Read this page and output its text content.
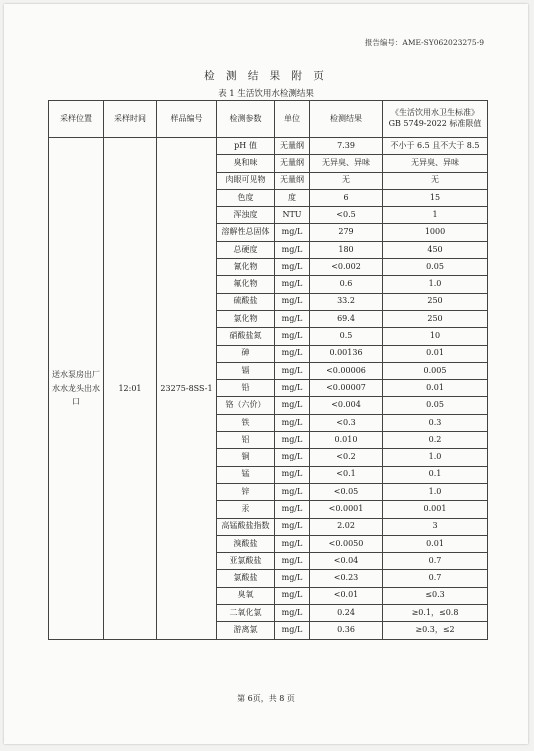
报告编号：AME-SY062023275-9
检 测 结 果 附 页
表 1 生活饮用水检测结果
采样位置	采样时间	样品编号	检测参数	单位	检测结果	《生活饮用水卫生标准》
GB 5749-2022 标准限值
送水泵房出厂水水龙头出水口	12:01	23275-8SS-1	pH 值	无量纲	7.39	不小于 6.5 且不大于 8.5
			臭和味	无量纲	无异臭、异味	无异臭、异味
			肉眼可见物	无量纲	无	无
			色度	度	6	15
			浑浊度	NTU	<0.5	1
			溶解性总固体	mg/L	279	1000
			总硬度	mg/L	180	450
			氰化物	mg/L	<0.002	0.05
			氟化物	mg/L	0.6	1.0
			硫酸盐	mg/L	33.2	250
			氯化物	mg/L	69.4	250
			硝酸盐氮	mg/L	0.5	10
			砷	mg/L	0.00136	0.01
			镉	mg/L	<0.00006	0.005
			铅	mg/L	<0.00007	0.01
			铬（六价）	mg/L	<0.004	0.05
			铁	mg/L	<0.3	0.3
			铝	mg/L	0.010	0.2
			铜	mg/L	<0.2	1.0
			锰	mg/L	<0.1	0.1
			锌	mg/L	<0.05	1.0
			汞	mg/L	<0.0001	0.001
			高锰酸盐指数	mg/L	2.02	3
			溴酸盐	mg/L	<0.0050	0.01
			亚氯酸盐	mg/L	<0.04	0.7
			氯酸盐	mg/L	<0.23	0.7
			臭氧	mg/L	<0.01	≤0.3
			二氧化氯	mg/L	0.24	≥0.1，≤0.8
			游离氯	mg/L	0.36	≥0.3，≤2
第 6页，共 8 页
